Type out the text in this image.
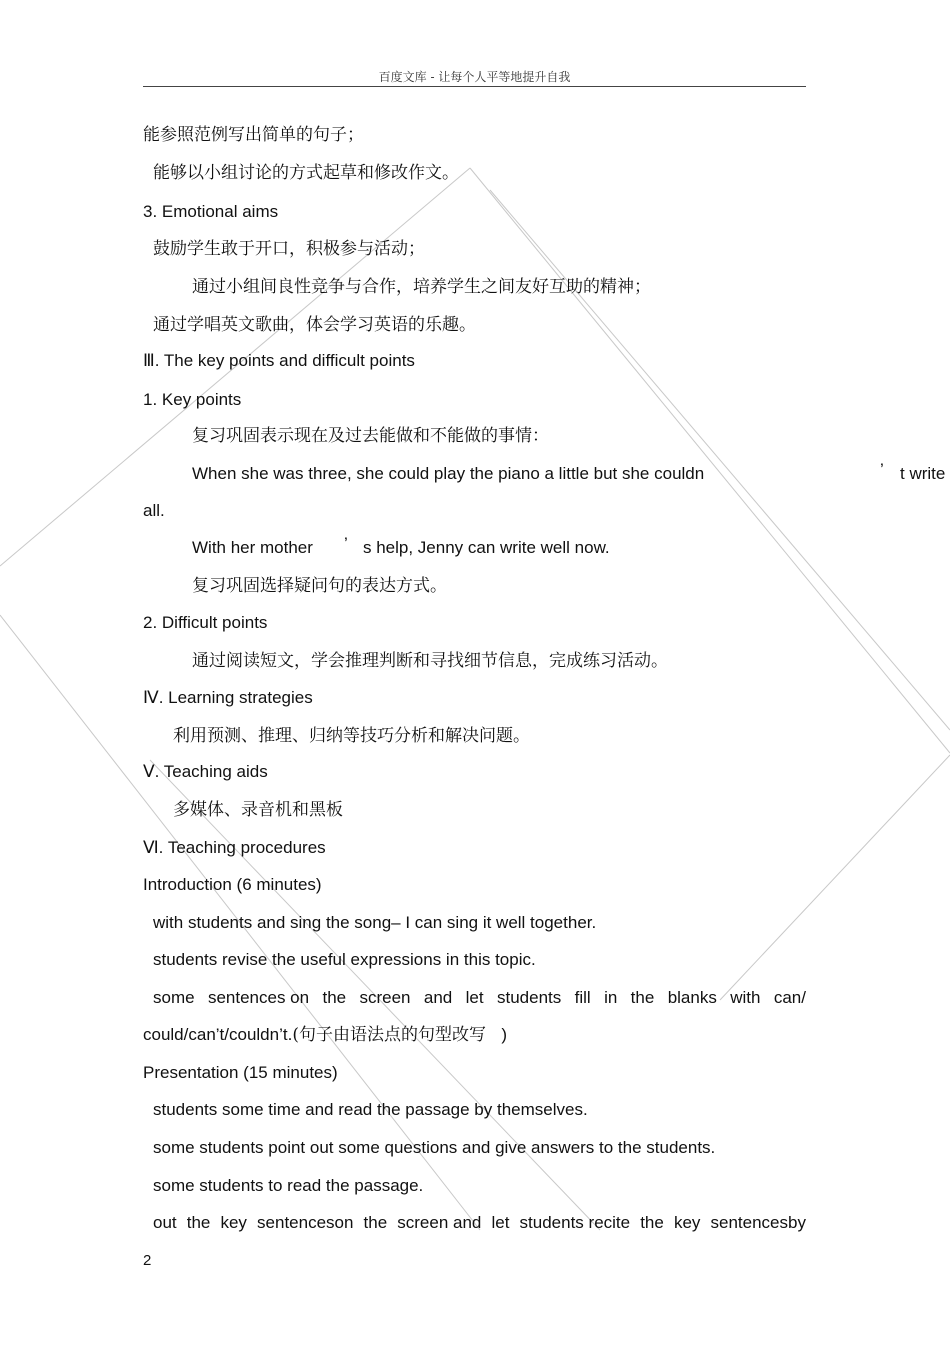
百度文库 - 让每个人平等地提升自我
能参照范例写出简单的句子；
能够以小组讨论的方式起草和修改作文。
3. Emotional aims
鼓励学生敢于开口，积极参与活动；
通过小组间良性竞争与合作，培养学生之间友好互助的精神；
通过学唱英文歌曲，体会学习英语的乐趣。
Ⅲ. The key points and difficult points
1. Key points
复习巩固表示现在及过去能做和不能做的事情：
When she was three, she could play the piano a little but she couldn	’ t write
all.
With her mother ’ s help, Jenny can write well now.
复习巩固选择疑问句的表达方式。
2. Difficult points
通过阅读短文，学会推理判断和寻找细节信息，完成练习活动。
Ⅳ. Learning strategies
利用预测、推理、归纳等技巧分析和解决问题。
Ⅴ. Teaching aids
多媒体、录音机和黑板
Ⅵ. Teaching procedures
Introduction (6 minutes)
with students and sing the song– I can sing it well together.
students revise the useful expressions in this topic.
some sentences on the screen and let students fill in the blanks with can/
could/can’t/couldn’t.(句子由语法点的句型改写 )
Presentation (15 minutes)
students some time and read the passage by themselves.
some students point out some questions and give answers to the students.
some students to read the passage.
out the key sentenceson the screen and let students recite the key sentencesby
2
